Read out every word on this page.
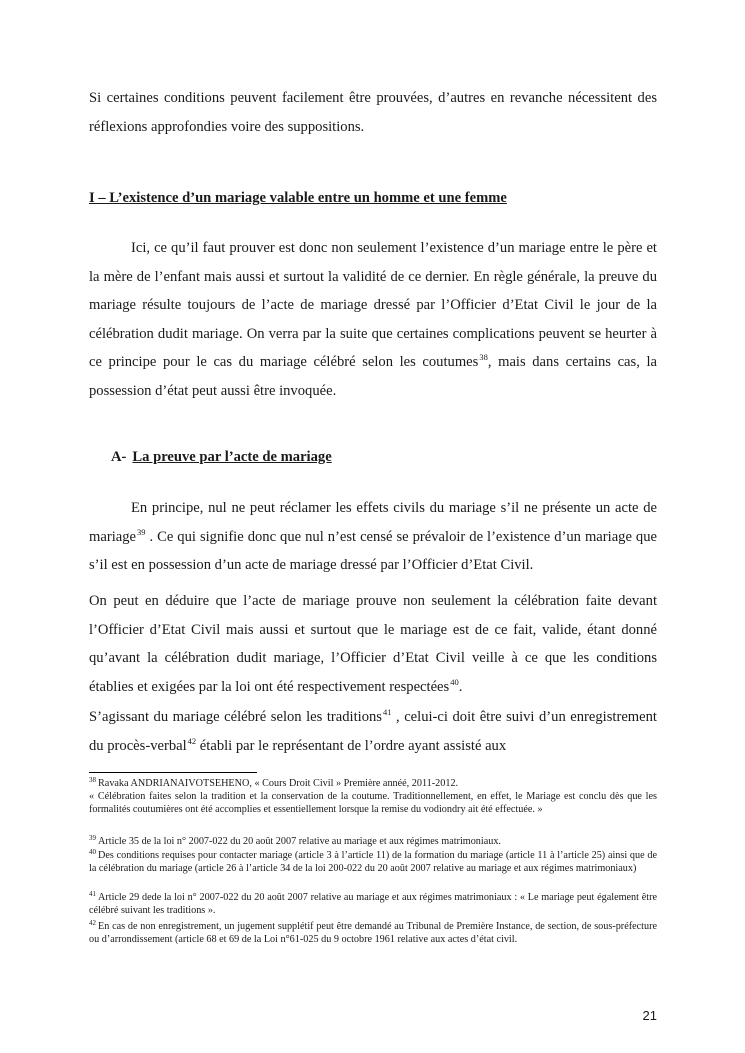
Si certaines conditions peuvent facilement être prouvées, d’autres en revanche nécessitent des réflexions approfondies voire des suppositions.

I – L’existence d’un mariage valable entre un homme et une femme

Ici, ce qu’il faut prouver est donc non seulement l’existence d’un mariage entre le père et la mère de l’enfant mais aussi et surtout la validité de ce dernier. En règle générale, la preuve du mariage résulte toujours de l’acte de mariage dressé par l’Officier d’Etat Civil le jour de la célébration dudit mariage. On verra par la suite que certaines complications peuvent se heurter à ce principe pour le cas du mariage célébré selon les coutumes$^{38}$, mais dans certains cas, la possession d’état peut aussi être invoquée.

A- La preuve par l’acte de mariage

En principe, nul ne peut réclamer les effets civils du mariage s’il ne présente un acte de mariage$^{39}$ . Ce qui signifie donc que nul n’est censé se prévaloir de l’existence d’un mariage que s’il est en possession d’un acte de mariage dressé par l’Officier d’Etat Civil.

On peut en déduire que l’acte de mariage prouve non seulement la célébration faite devant l’Officier d’Etat Civil mais aussi et surtout que le mariage est de ce fait, valide, étant donné qu’avant la célébration dudit mariage, l’Officier d’Etat Civil veille à ce que les conditions établies et exigées par la loi ont été respectivement respectées$^{40}$.

S’agissant du mariage célébré selon les traditions$^{41}$ , celui-ci doit être suivi d’un enregistrement du procès-verbal$^{42}$ établi par le représentant de l’ordre ayant assisté aux

$^{38}$ Ravaka ANDRIANAIVOTSEHENO, « Cours Droit Civil » Première annéé, 2011-2012.
« Célébration faites selon la tradition et la conservation de la coutume. Traditionnellement, en effet, le Mariage est conclu dès que les formalités coutumières ont été accomplies et essentiellement lorsque la remise du vodiondry ait été effectuée. »

$^{39}$ Article 35 de la loi n° 2007-022 du 20 août 2007 relative au mariage et aux régimes matrimoniaux.

$^{40}$ Des conditions requises pour contacter mariage (article 3 à l’article 11) de la formation du mariage (article 11 à l’article 25) ainsi que de la célébration du mariage (article 26 à l’article 34 de la loi 200-022 du 20 août 2007 relative au mariage et aux régimes matrimoniaux)

$^{41}$ Article 29 dede la loi n° 2007-022 du 20 août 2007 relative au mariage et aux régimes matrimoniaux : « Le mariage peut également être célébré suivant les traditions ».

$^{42}$ En cas de non enregistrement, un jugement supplétif peut être demandé au Tribunal de Première Instance, de section, de sous-préfecture ou d’arrondissement (article 68 et 69 de la Loi n°61-025 du 9 octobre 1961 relative aux actes d’état civil.

21
